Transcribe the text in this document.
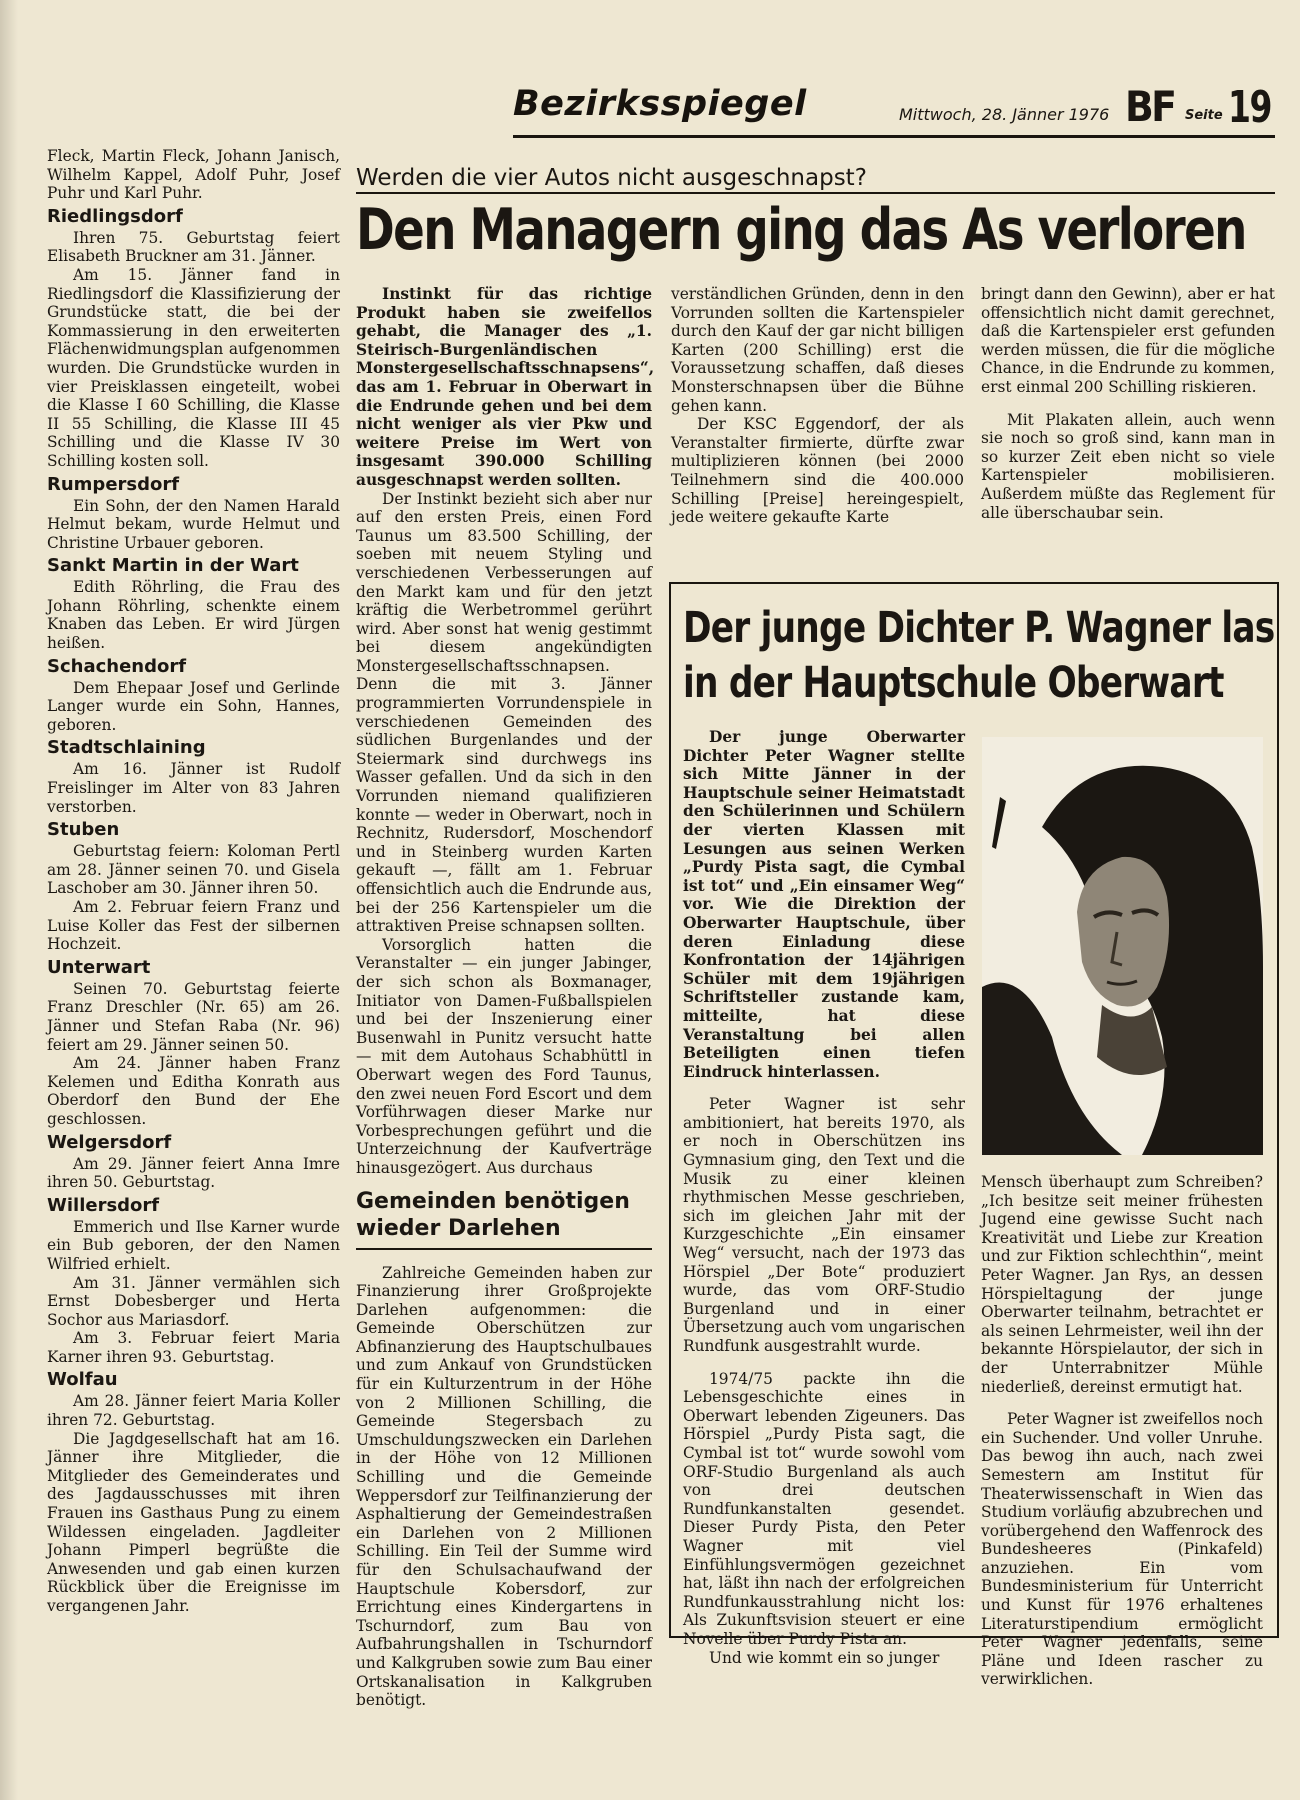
Bezirksspiegel	Mittwoch, 28. Jänner 1976 BF Seite 19

Fleck, Martin Fleck, Johann Janisch, Wilhelm Kappel, Adolf Puhr, Josef Puhr und Karl Puhr.

Riedlingsdorf

Ihren 75. Geburtstag feiert Elisabeth Bruckner am 31. Jänner.

Am 15. Jänner fand in Riedlingsdorf die Klassifizierung der Grundstücke statt, die bei der Kommassierung in den erweiterten Flächenwidmungsplan aufgenommen wurden. Die Grundstücke wurden in vier Preisklassen eingeteilt, wobei die Klasse I 60 Schilling, die Klasse II 55 Schilling, die Klasse III 45 Schilling und die Klasse IV 30 Schilling kosten soll.

Rumpersdorf

Ein Sohn, der den Namen Harald Helmut bekam, wurde Helmut und Christine Urbauer geboren.

Sankt Martin in der Wart

Edith Röhrling, die Frau des Johann Röhrling, schenkte einem Knaben das Leben. Er wird Jürgen heißen.

Schachendorf

Dem Ehepaar Josef und Gerlinde Langer wurde ein Sohn, Hannes, geboren.

Stadtschlaining

Am 16. Jänner ist Rudolf Freislinger im Alter von 83 Jahren verstorben.

Stuben

Geburtstag feiern: Koloman Pertl am 28. Jänner seinen 70. und Gisela Laschober am 30. Jänner ihren 50.

Am 2. Februar feiern Franz und Luise Koller das Fest der silbernen Hochzeit.

Unterwart

Seinen 70. Geburtstag feierte Franz Dreschler (Nr. 65) am 26. Jänner und Stefan Raba (Nr. 96) feiert am 29. Jänner seinen 50.

Am 24. Jänner haben Franz Kelemen und Editha Konrath aus Oberdorf den Bund der Ehe geschlossen.

Welgersdorf

Am 29. Jänner feiert Anna Imre ihren 50. Geburtstag.

Willersdorf

Emmerich und Ilse Karner wurde ein Bub geboren, der den Namen Wilfried erhielt.

Am 31. Jänner vermählen sich Ernst Dobesberger und Herta Sochor aus Mariasdorf.

Am 3. Februar feiert Maria Karner ihren 93. Geburtstag.

Wolfau

Am 28. Jänner feiert Maria Koller ihren 72. Geburtstag.

Die Jagdgesellschaft hat am 16. Jänner ihre Mitglieder, die Mitglieder des Gemeinderates und des Jagdausschusses mit ihren Frauen ins Gasthaus Pung zu einem Wildessen eingeladen. Jagdleiter Johann Pimperl begrüßte die Anwesenden und gab einen kurzen Rückblick über die Ereignisse im vergangenen Jahr.

Werden die vier Autos nicht ausgeschnapst?
Den Managern ging das As verloren

Instinkt für das richtige Produkt haben sie zweifellos gehabt, die Manager des „1. Steirisch-Burgenländischen Monstergesellschaftsschnapsens“, das am 1. Februar in Oberwart in die Endrunde gehen und bei dem nicht weniger als vier Pkw und weitere Preise im Wert von insgesamt 390.000 Schilling ausgeschnapst werden sollten.

Der Instinkt bezieht sich aber nur auf den ersten Preis, einen Ford Taunus um 83.500 Schilling, der soeben mit neuem Styling und verschiedenen Verbesserungen auf den Markt kam und für den jetzt kräftig die Werbetrommel gerührt wird. Aber sonst hat wenig gestimmt bei diesem angekündigten Monstergesellschaftsschnapsen. Denn die mit 3. Jänner programmierten Vorrundenspiele in verschiedenen Gemeinden des südlichen Burgenlandes und der Steiermark sind durchwegs ins Wasser gefallen. Und da sich in den Vorrunden niemand qualifizieren konnte — weder in Oberwart, noch in Rechnitz, Rudersdorf, Moschendorf und in Steinberg wurden Karten gekauft —, fällt am 1. Februar offensichtlich auch die Endrunde aus, bei der 256 Kartenspieler um die attraktiven Preise schnapsen sollten.

Vorsorglich hatten die Veranstalter — ein junger Jabinger, der sich schon als Boxmanager, Initiator von Damen-Fußballspielen und bei der Inszenierung einer Busenwahl in Punitz versucht hatte — mit dem Autohaus Schabhüttl in Oberwart wegen des Ford Taunus, den zwei neuen Ford Escort und dem Vorführwagen dieser Marke nur Vorbesprechungen geführt und die Unterzeichnung der Kaufverträge hinausgezögert. Aus durchaus

Gemeinden benötigen wieder Darlehen

Zahlreiche Gemeinden haben zur Finanzierung ihrer Großprojekte Darlehen aufgenommen: die Gemeinde Oberschützen zur Abfinanzierung des Hauptschulbaues und zum Ankauf von Grundstücken für ein Kulturzentrum in der Höhe von 2 Millionen Schilling, die Gemeinde Stegersbach zu Umschuldungszwecken ein Darlehen in der Höhe von 12 Millionen Schilling und die Gemeinde Weppersdorf zur Teilfinanzierung der Asphaltierung der Gemeindestraßen ein Darlehen von 2 Millionen Schilling. Ein Teil der Summe wird für den Schulsachaufwand der Hauptschule Kobersdorf, zur Errichtung eines Kindergartens in Tschurndorf, zum Bau von Aufbahrungshallen in Tschurndorf und Kalkgruben sowie zum Bau einer Ortskanalisation in Kalkgruben benötigt.

verständlichen Gründen, denn in den Vorrunden sollten die Kartenspieler durch den Kauf der gar nicht billigen Karten (200 Schilling) erst die Voraussetzung schaffen, daß dieses Monsterschnapsen über die Bühne gehen kann.

Der KSC Eggendorf, der als Veranstalter firmierte, dürfte zwar multiplizieren können (bei 2000 Teilnehmern sind die 400.000 Schilling [Preise] hereingespielt, jede weitere gekaufte Karte

bringt dann den Gewinn), aber er hat offensichtlich nicht damit gerechnet, daß die Kartenspieler erst gefunden werden müssen, die für die mögliche Chance, in die Endrunde zu kommen, erst einmal 200 Schilling riskieren.

Mit Plakaten allein, auch wenn sie noch so groß sind, kann man in so kurzer Zeit eben nicht so viele Kartenspieler mobilisieren. Außerdem müßte das Reglement für alle überschaubar sein.

Der junge Dichter P. Wagner las
in der Hauptschule Oberwart

Der junge Oberwarter Dichter Peter Wagner stellte sich Mitte Jänner in der Hauptschule seiner Heimatstadt den Schülerinnen und Schülern der vierten Klassen mit Lesungen aus seinen Werken „Purdy Pista sagt, die Cymbal ist tot“ und „Ein einsamer Weg“ vor. Wie die Direktion der Oberwarter Hauptschule, über deren Einladung diese Konfrontation der 14jährigen Schüler mit dem 19jährigen Schriftsteller zustande kam, mitteilte, hat diese Veranstaltung bei allen Beteiligten einen tiefen Eindruck hinterlassen.

Peter Wagner ist sehr ambitioniert, hat bereits 1970, als er noch in Oberschützen ins Gymnasium ging, den Text und die Musik zu einer kleinen rhythmischen Messe geschrieben, sich im gleichen Jahr mit der Kurzgeschichte „Ein einsamer Weg“ versucht, nach der 1973 das Hörspiel „Der Bote“ produziert wurde, das vom ORF-Studio Burgenland und in einer Übersetzung auch vom ungarischen Rundfunk ausgestrahlt wurde.

1974/75 packte ihn die Lebensgeschichte eines in Oberwart lebenden Zigeuners. Das Hörspiel „Purdy Pista sagt, die Cymbal ist tot“ wurde sowohl vom ORF-Studio Burgenland als auch von drei deutschen Rundfunkanstalten gesendet. Dieser Purdy Pista, den Peter Wagner mit viel Einfühlungsvermögen gezeichnet hat, läßt ihn nach der erfolgreichen Rundfunkausstrahlung nicht los: Als Zukunftsvision steuert er eine Novelle über Purdy Pista an.

Und wie kommt ein so junger

Mensch überhaupt zum Schreiben? „Ich besitze seit meiner frühesten Jugend eine gewisse Sucht nach Kreativität und Liebe zur Kreation und zur Fiktion schlechthin“, meint Peter Wagner. Jan Rys, an dessen Hörspieltagung der junge Oberwarter teilnahm, betrachtet er als seinen Lehrmeister, weil ihn der bekannte Hörspielautor, der sich in der Unterrabnitzer Mühle niederließ, dereinst ermutigt hat.

Peter Wagner ist zweifellos noch ein Suchender. Und voller Unruhe. Das bewog ihn auch, nach zwei Semestern am Institut für Theaterwissenschaft in Wien das Studium vorläufig abzubrechen und vorübergehend den Waffenrock des Bundesheeres (Pinkafeld) anzuziehen. Ein vom Bundesministerium für Unterricht und Kunst für 1976 erhaltenes Literaturstipendium ermöglicht Peter Wagner jedenfalls, seine Pläne und Ideen rascher zu verwirklichen.
